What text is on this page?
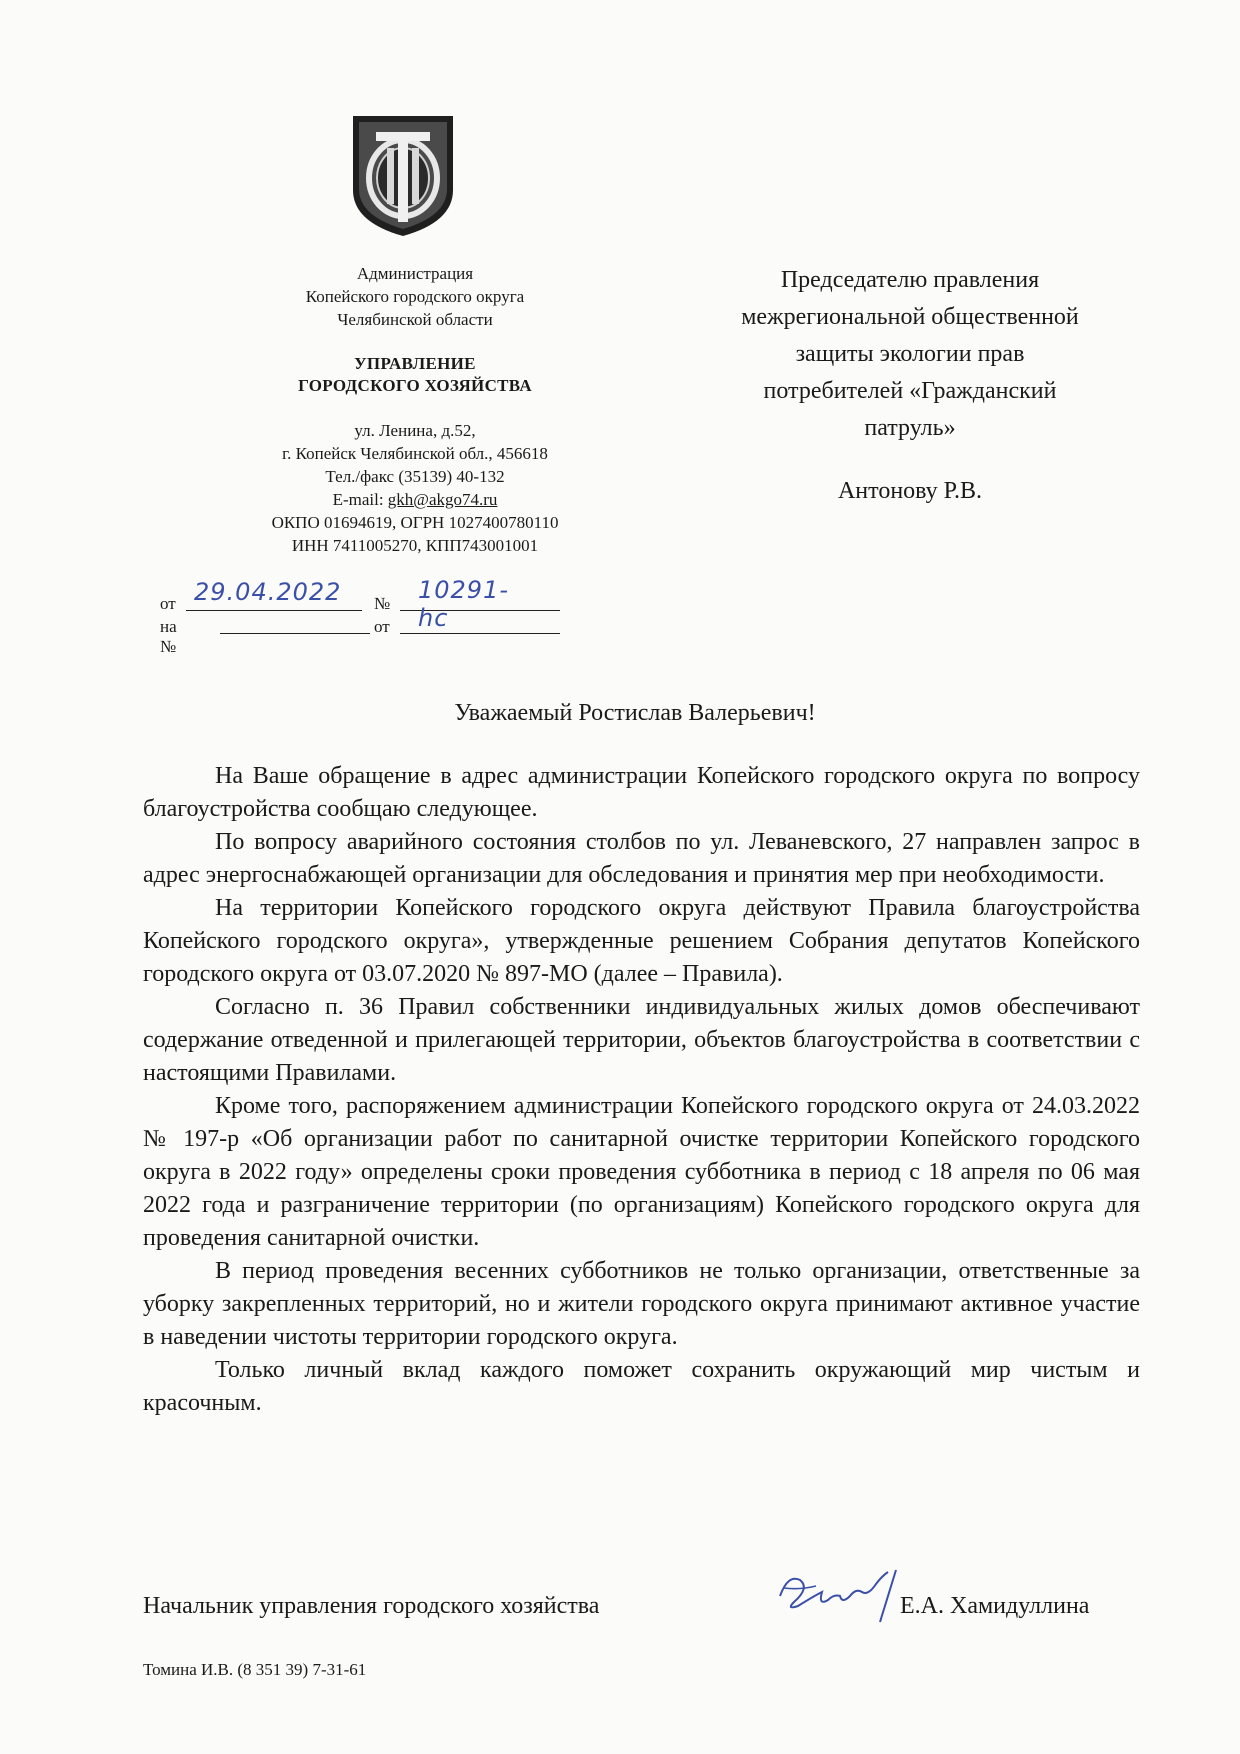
Администрация
Копейского городского округа
Челябинской области
УПРАВЛЕНИЕ
ГОРОДСКОГО ХОЗЯЙСТВА
ул. Ленина, д.52,
г. Копейск Челябинской обл., 456618
Тел./факс (35139) 40-132
E-mail: gkh@akgo74.ru
ОКПО 01694619, ОГРН 1027400780110
ИНН 7411005270, КПП743001001
Председателю правления
межрегиональной общественной
защиты экологии прав
потребителей «Гражданский
патруль»
Антонову Р.В.
от 29.04.2022 № 10291-hc
на №
от
Уважаемый Ростислав Валерьевич!

На Ваше обращение в адрес администрации Копейского городского округа по вопросу благоустройства сообщаю следующее.

По вопросу аварийного состояния столбов по ул. Леваневского, 27 направлен запрос в адрес энергоснабжающей организации для обследования и принятия мер при необходимости.

На территории Копейского городского округа действуют Правила благоустройства Копейского городского округа», утвержденные решением Собрания депутатов Копейского городского округа от 03.07.2020 № 897-МО (далее – Правила).

Согласно п. 36 Правил собственники индивидуальных жилых домов обеспечивают содержание отведенной и прилегающей территории, объектов благоустройства в соответствии с настоящими Правилами.

Кроме того, распоряжением администрации Копейского городского округа от 24.03.2022 № 197-р «Об организации работ по санитарной очистке территории Копейского городского округа в 2022 году» определены сроки проведения субботника в период с 18 апреля по 06 мая 2022 года и разграничение территории (по организациям) Копейского городского округа для проведения санитарной очистки.

В период проведения весенних субботников не только организации, ответственные за уборку закрепленных территорий, но и жители городского округа принимают активное участие в наведении чистоты территории городского округа.

Только личный вклад каждого поможет сохранить окружающий мир чистым и красочным.

Начальник управления городского хозяйства	Е.А. Хамидуллина
Томина И.В. (8 351 39) 7-31-61
